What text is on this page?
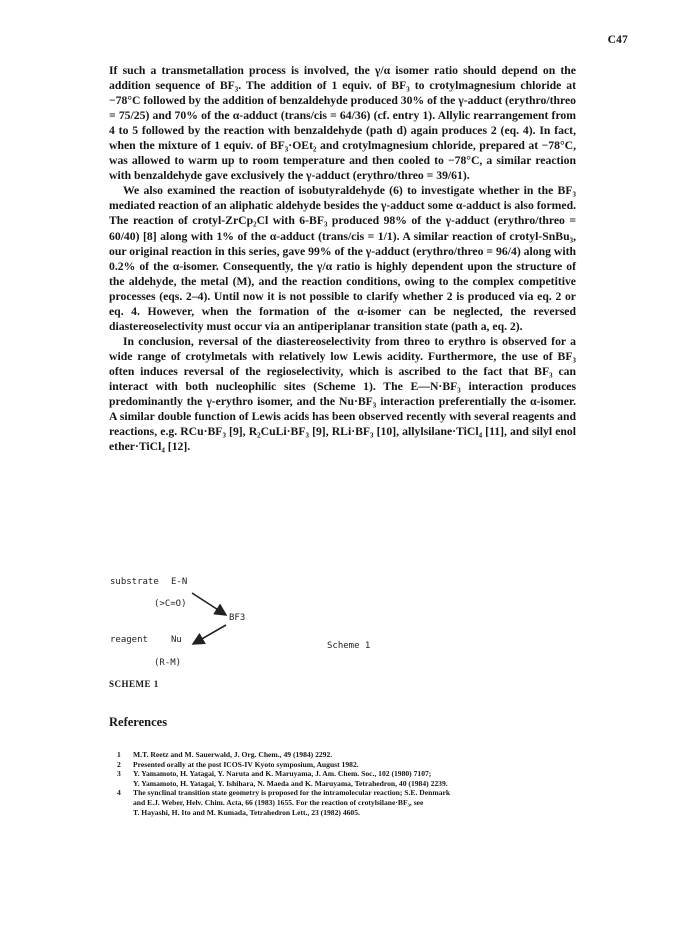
C47

If such a transmetallation process is involved, the γ/α isomer ratio should depend on the addition sequence of BF₃. The addition of 1 equiv. of BF₃ to crotylmagnesium chloride at −78°C followed by the addition of benzaldehyde produced 30% of the γ-adduct (erythro/threo = 75/25) and 70% of the α-adduct (trans/cis = 64/36) (cf. entry 1). Allylic rearrangement from 4 to 5 followed by the reaction with benzaldehyde (path d) again produces 2 (eq. 4). In fact, when the mixture of 1 equiv. of BF₃·OEt₂ and crotylmagnesium chloride, prepared at −78°C, was allowed to warm up to room temperature and then cooled to −78°C, a similar reaction with benzaldehyde gave exclusively the γ-adduct (erythro/threo = 39/61).

We also examined the reaction of isobutyraldehyde (6) to investigate whether in the BF₃ mediated reaction of an aliphatic aldehyde besides the γ-adduct some α-adduct is also formed. The reaction of crotyl-ZrCp₂Cl with 6-BF₃ produced 98% of the γ-adduct (erythro/threo = 60/40) [8] along with 1% of the α-adduct (trans/cis = 1/1). A similar reaction of crotyl-SnBu₃, our original reaction in this series, gave 99% of the γ-adduct (erythro/threo = 96/4) along with 0.2% of the α-isomer. Consequently, the γ/α ratio is highly dependent upon the structure of the aldehyde, the metal (M), and the reaction conditions, owing to the complex competitive processes (eqs. 2–4). Until now it is not possible to clarify whether 2 is produced via eq. 2 or eq. 4. However, when the formation of the α-isomer can be neglected, the reversed diastereoselectivity must occur via an antiperiplanar transition state (path a, eq. 2).

In conclusion, reversal of the diastereoselectivity from threo to erythro is observed for a wide range of crotylmetals with relatively low Lewis acidity. Furthermore, the use of BF₃ often induces reversal of the regioselectivity, which is ascribed to the fact that BF₃ can interact with both nucleophilic sites (Scheme 1). The E—N·BF₃ interaction produces predominantly the γ-erythro isomer, and the Nu·BF₃ interaction preferentially the α-isomer. A similar double function of Lewis acids has been observed recently with several reagents and reactions, e.g. RCu·BF₃ [9], R₂CuLi·BF₃ [9], RLi·BF₃ [10], allylsilane·TiCl₄ [11], and silyl enol ether·TiCl₄ [12].

substrate E-N
(>C=O)
BF3
reagent	Nu
(R-M)
Scheme 1
SCHEME 1
References
1 M.T. Reetz and M. Sauerwald, J. Org. Chem., 49 (1984) 2292.
2 Presented orally at the post ICOS-IV Kyoto symposium, August 1982.
3 Y. Yamamoto, H. Yatagai, Y. Naruta and K. Maruyama, J. Am. Chem. Soc., 102 (1980) 7107;
Y. Yamamoto, H. Yatagai, Y. Ishihara, N. Maeda and K. Maruyama, Tetrahedron, 40 (1984) 2239.
4 The synclinal transition state geometry is proposed for the intramolecular reaction; S.E. Denmark
and E.J. Weber, Helv. Chim. Acta, 66 (1983) 1655. For the reaction of crotylsilane·BF₃, see
T. Hayashi, H. Ito and M. Kumada, Tetrahedron Lett., 23 (1982) 4605.
